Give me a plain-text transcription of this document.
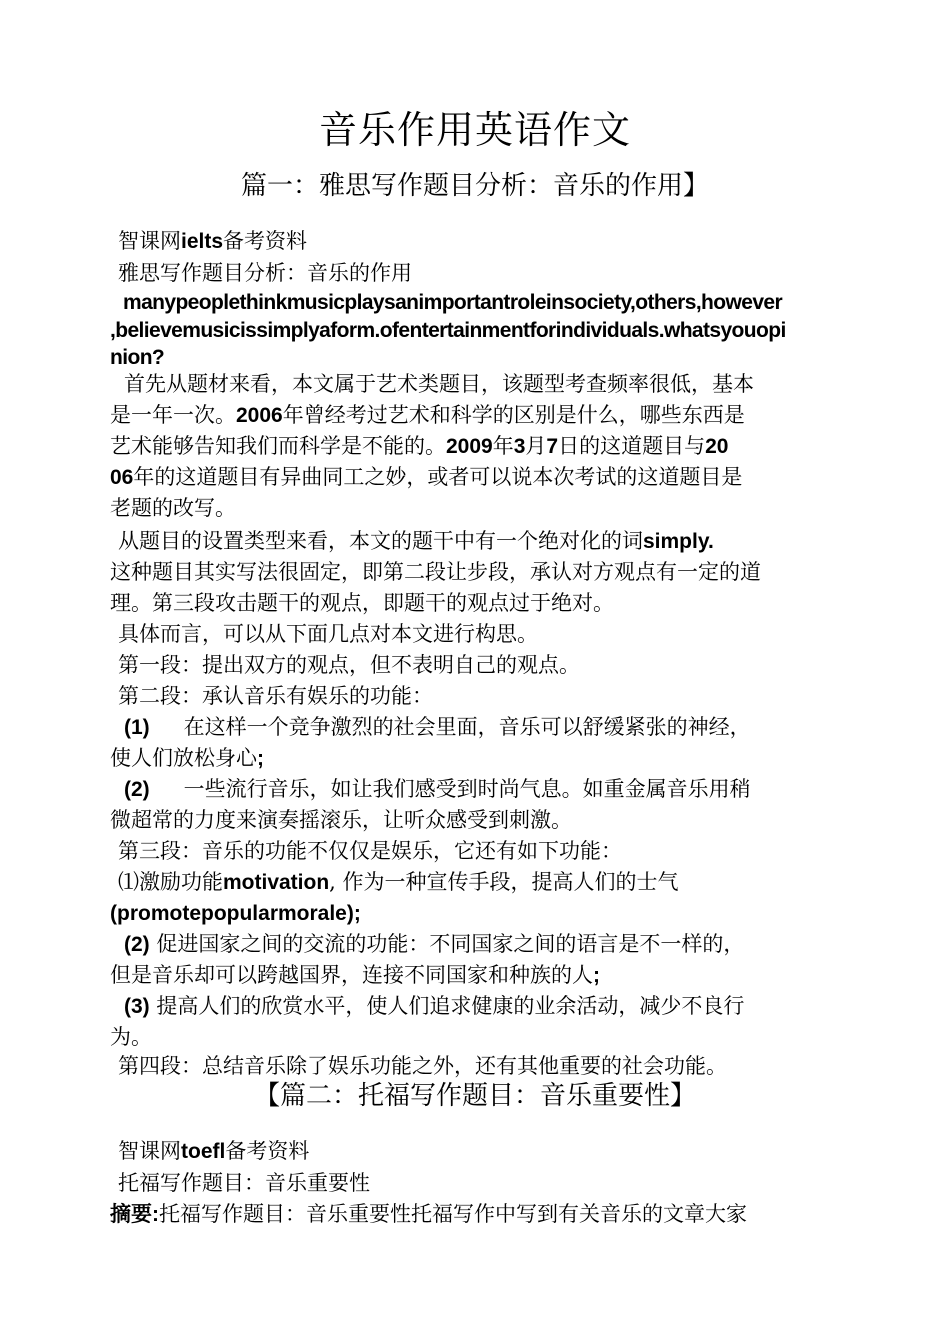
音乐作用英语作文
篇一：雅思写作题目分析：音乐的作用】
智课网ielts备考资料
雅思写作题目分析：音乐的作用
manypeoplethinkmusicplaysanimportantroleinsociety,others,however
,believemusicissimplyaform.ofentertainmentforindividuals.whatsyouopi
nion?
首先从题材来看，本文属于艺术类题目，该题型考查频率很低，基本
是一年一次。2006年曾经考过艺术和科学的区别是什么，哪些东西是
艺术能够告知我们而科学是不能的。2009年3月7日的这道题目与20
06年的这道题目有异曲同工之妙，或者可以说本次考试的这道题目是
老题的改写。
从题目的设置类型来看，本文的题干中有一个绝对化的词simply.
这种题目其实写法很固定，即第二段让步段，承认对方观点有一定的道
理。第三段攻击题干的观点，即题干的观点过于绝对。
具体而言，可以从下面几点对本文进行构思。
第一段：提出双方的观点，但不表明自己的观点。
第二段：承认音乐有娱乐的功能：
(1) 在这样一个竞争激烈的社会里面，音乐可以舒缓紧张的神经，
使人们放松身心;
(2) 一些流行音乐，如让我们感受到时尚气息。如重金属音乐用稍
微超常的力度来演奏摇滚乐，让听众感受到刺激。
第三段：音乐的功能不仅仅是娱乐，它还有如下功能：
⑴激励功能motivation, 作为一种宣传手段，提高人们的士气
(promotepopularmorale);
(2) 促进国家之间的交流的功能：不同国家之间的语言是不一样的，
但是音乐却可以跨越国界，连接不同国家和种族的人;
(3) 提高人们的欣赏水平，使人们追求健康的业余活动，减少不良行
为。
第四段：总结音乐除了娱乐功能之外，还有其他重要的社会功能。
【篇二：托福写作题目：音乐重要性】
智课网toefl备考资料
托福写作题目：音乐重要性
摘要:托福写作题目：音乐重要性托福写作中写到有关音乐的文章大家
